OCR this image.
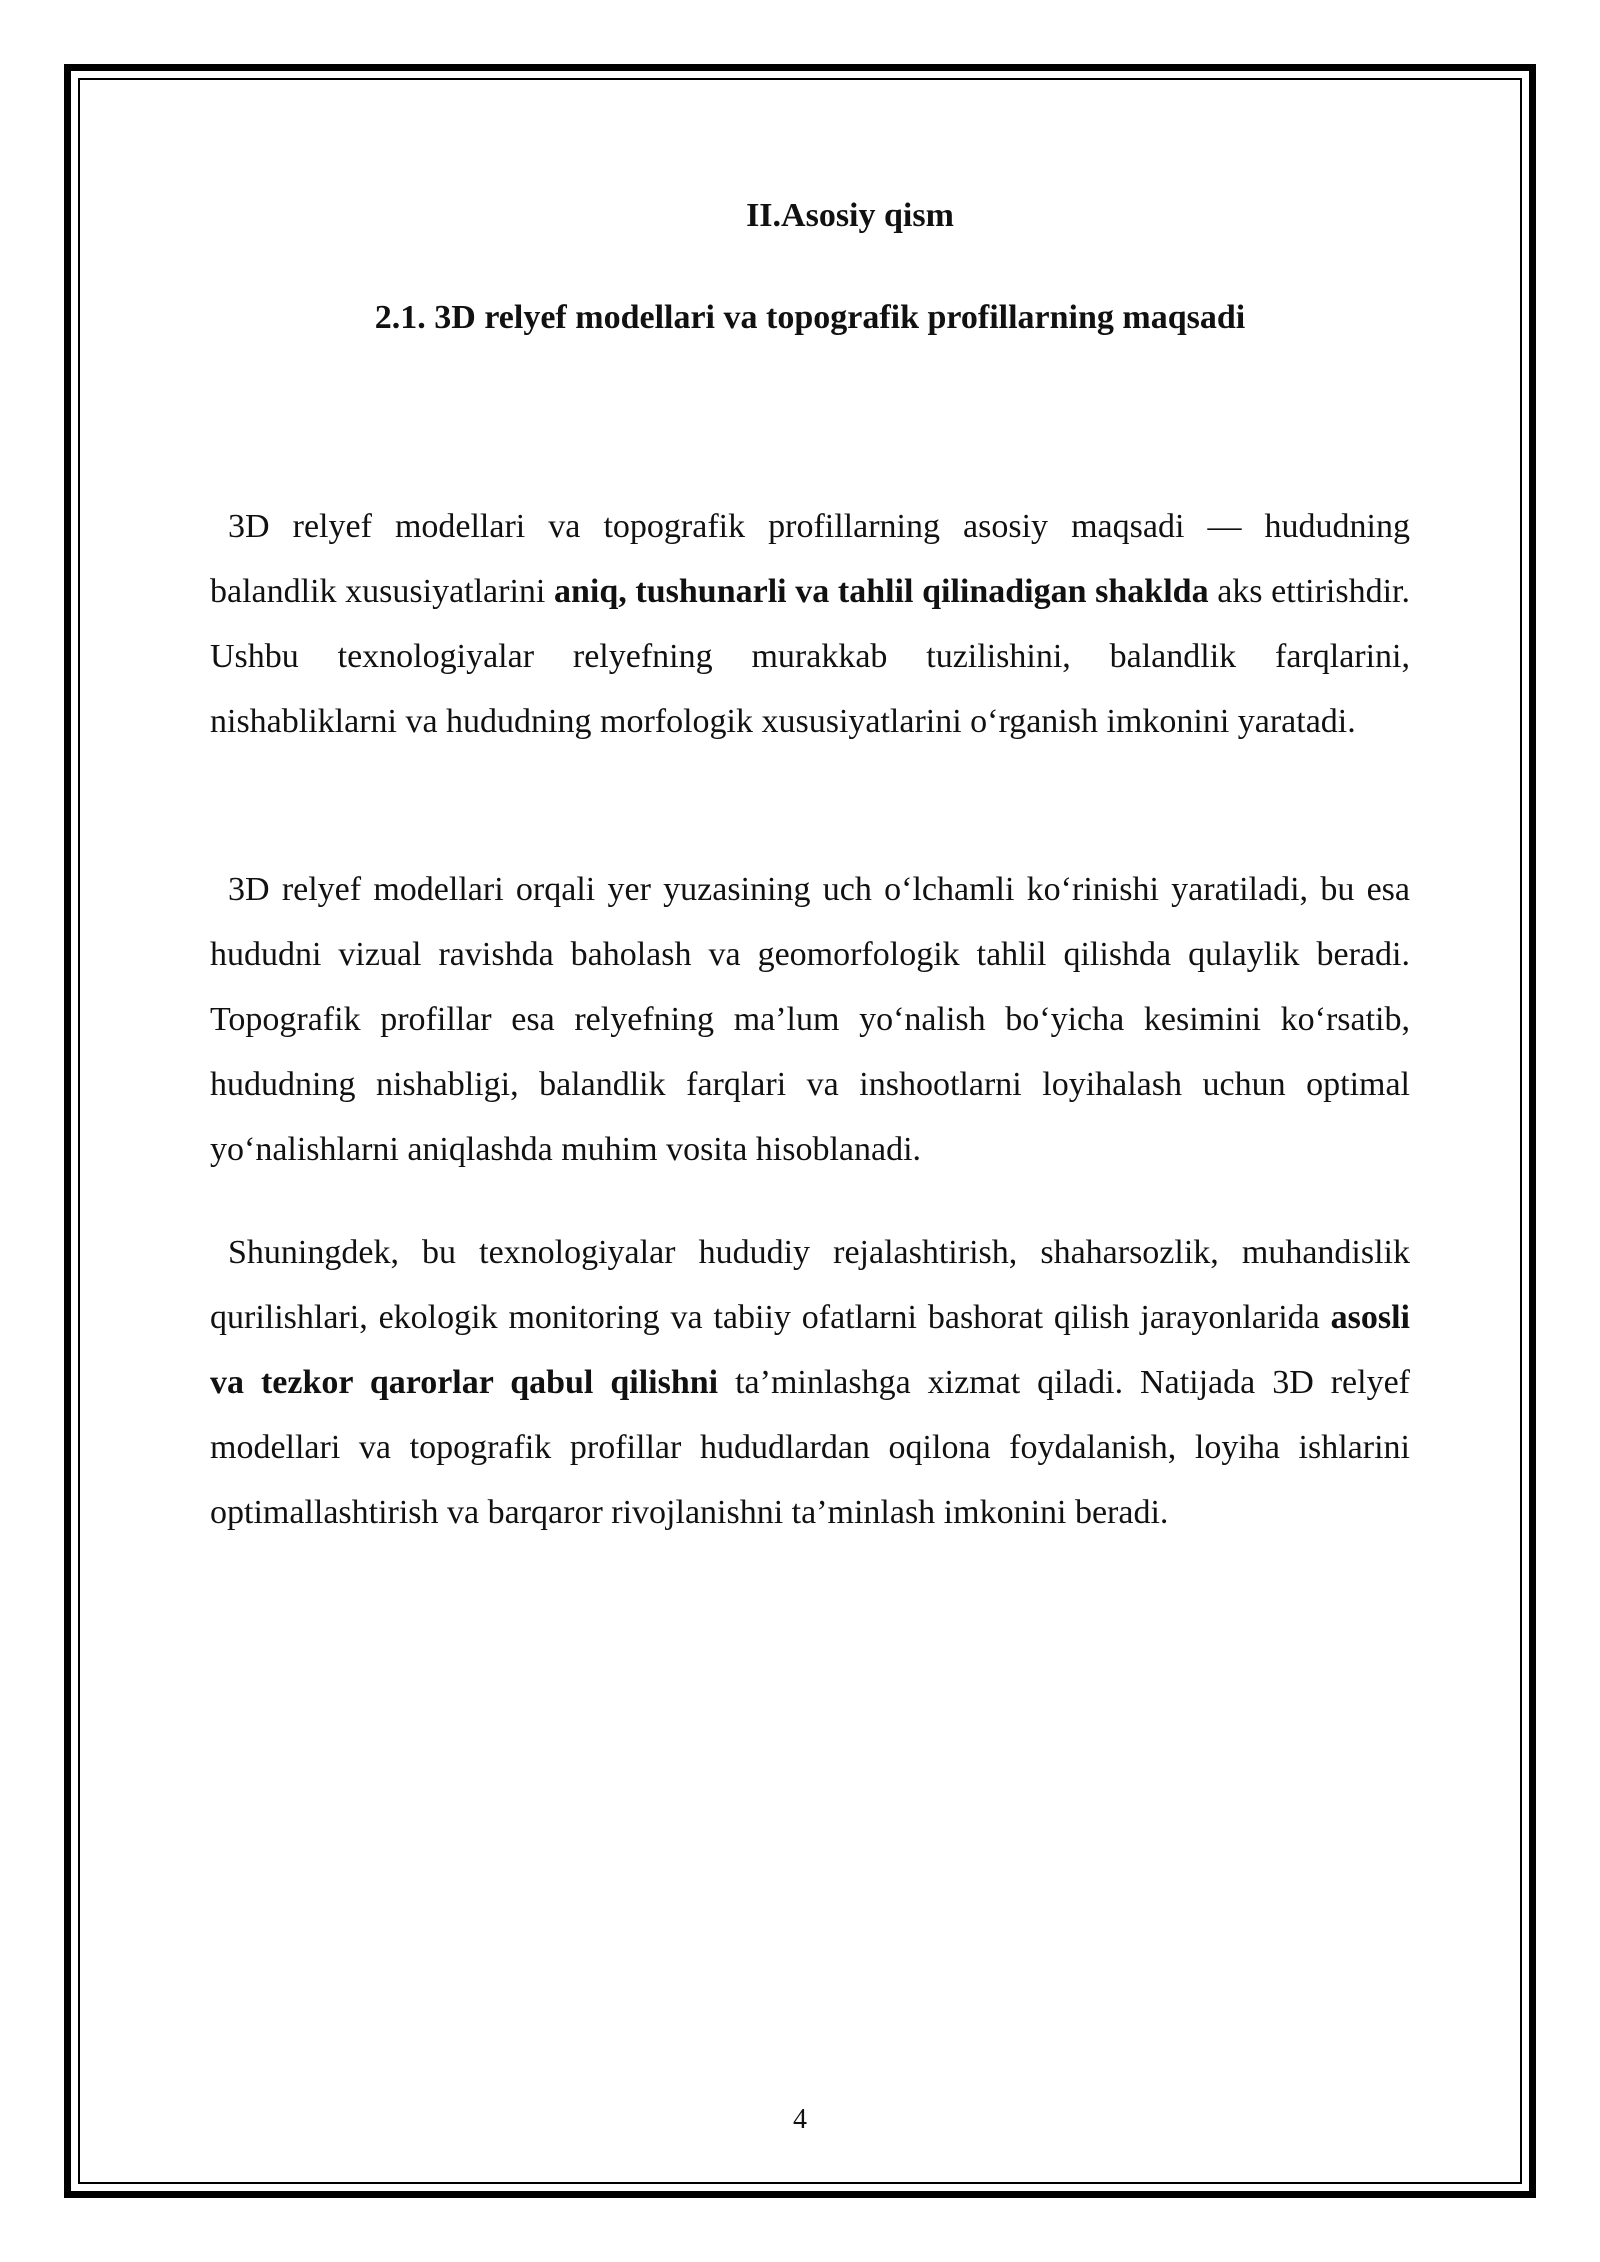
II.Asosiy qism
2.1. 3D relyef modellari va topografik profillarning maqsadi

3D relyef modellari va topografik profillarning asosiy maqsadi — hududning balandlik xususiyatlarini aniq, tushunarli va tahlil qilinadigan shaklda aks ettirishdir. Ushbu texnologiyalar relyefning murakkab tuzilishini, balandlik farqlarini, nishabliklarni va hududning morfologik xususiyatlarini o‘rganish imkonini yaratadi.

3D relyef modellari orqali yer yuzasining uch o‘lchamli ko‘rinishi yaratiladi, bu esa hududni vizual ravishda baholash va geomorfologik tahlil qilishda qulaylik beradi. Topografik profillar esa relyefning ma’lum yo‘nalish bo‘yicha kesimini ko‘rsatib, hududning nishabligi, balandlik farqlari va inshootlarni loyihalash uchun optimal yo‘nalishlarni aniqlashda muhim vosita hisoblanadi.

Shuningdek, bu texnologiyalar hududiy rejalashtirish, shaharsozlik, muhandislik qurilishlari, ekologik monitoring va tabiiy ofatlarni bashorat qilish jarayonlarida asosli va tezkor qarorlar qabul qilishni ta’minlashga xizmat qiladi. Natijada 3D relyef modellari va topografik profillar hududlardan oqilona foydalanish, loyiha ishlarini optimallashtirish va barqaror rivojlanishni ta’minlash imkonini beradi.

4
